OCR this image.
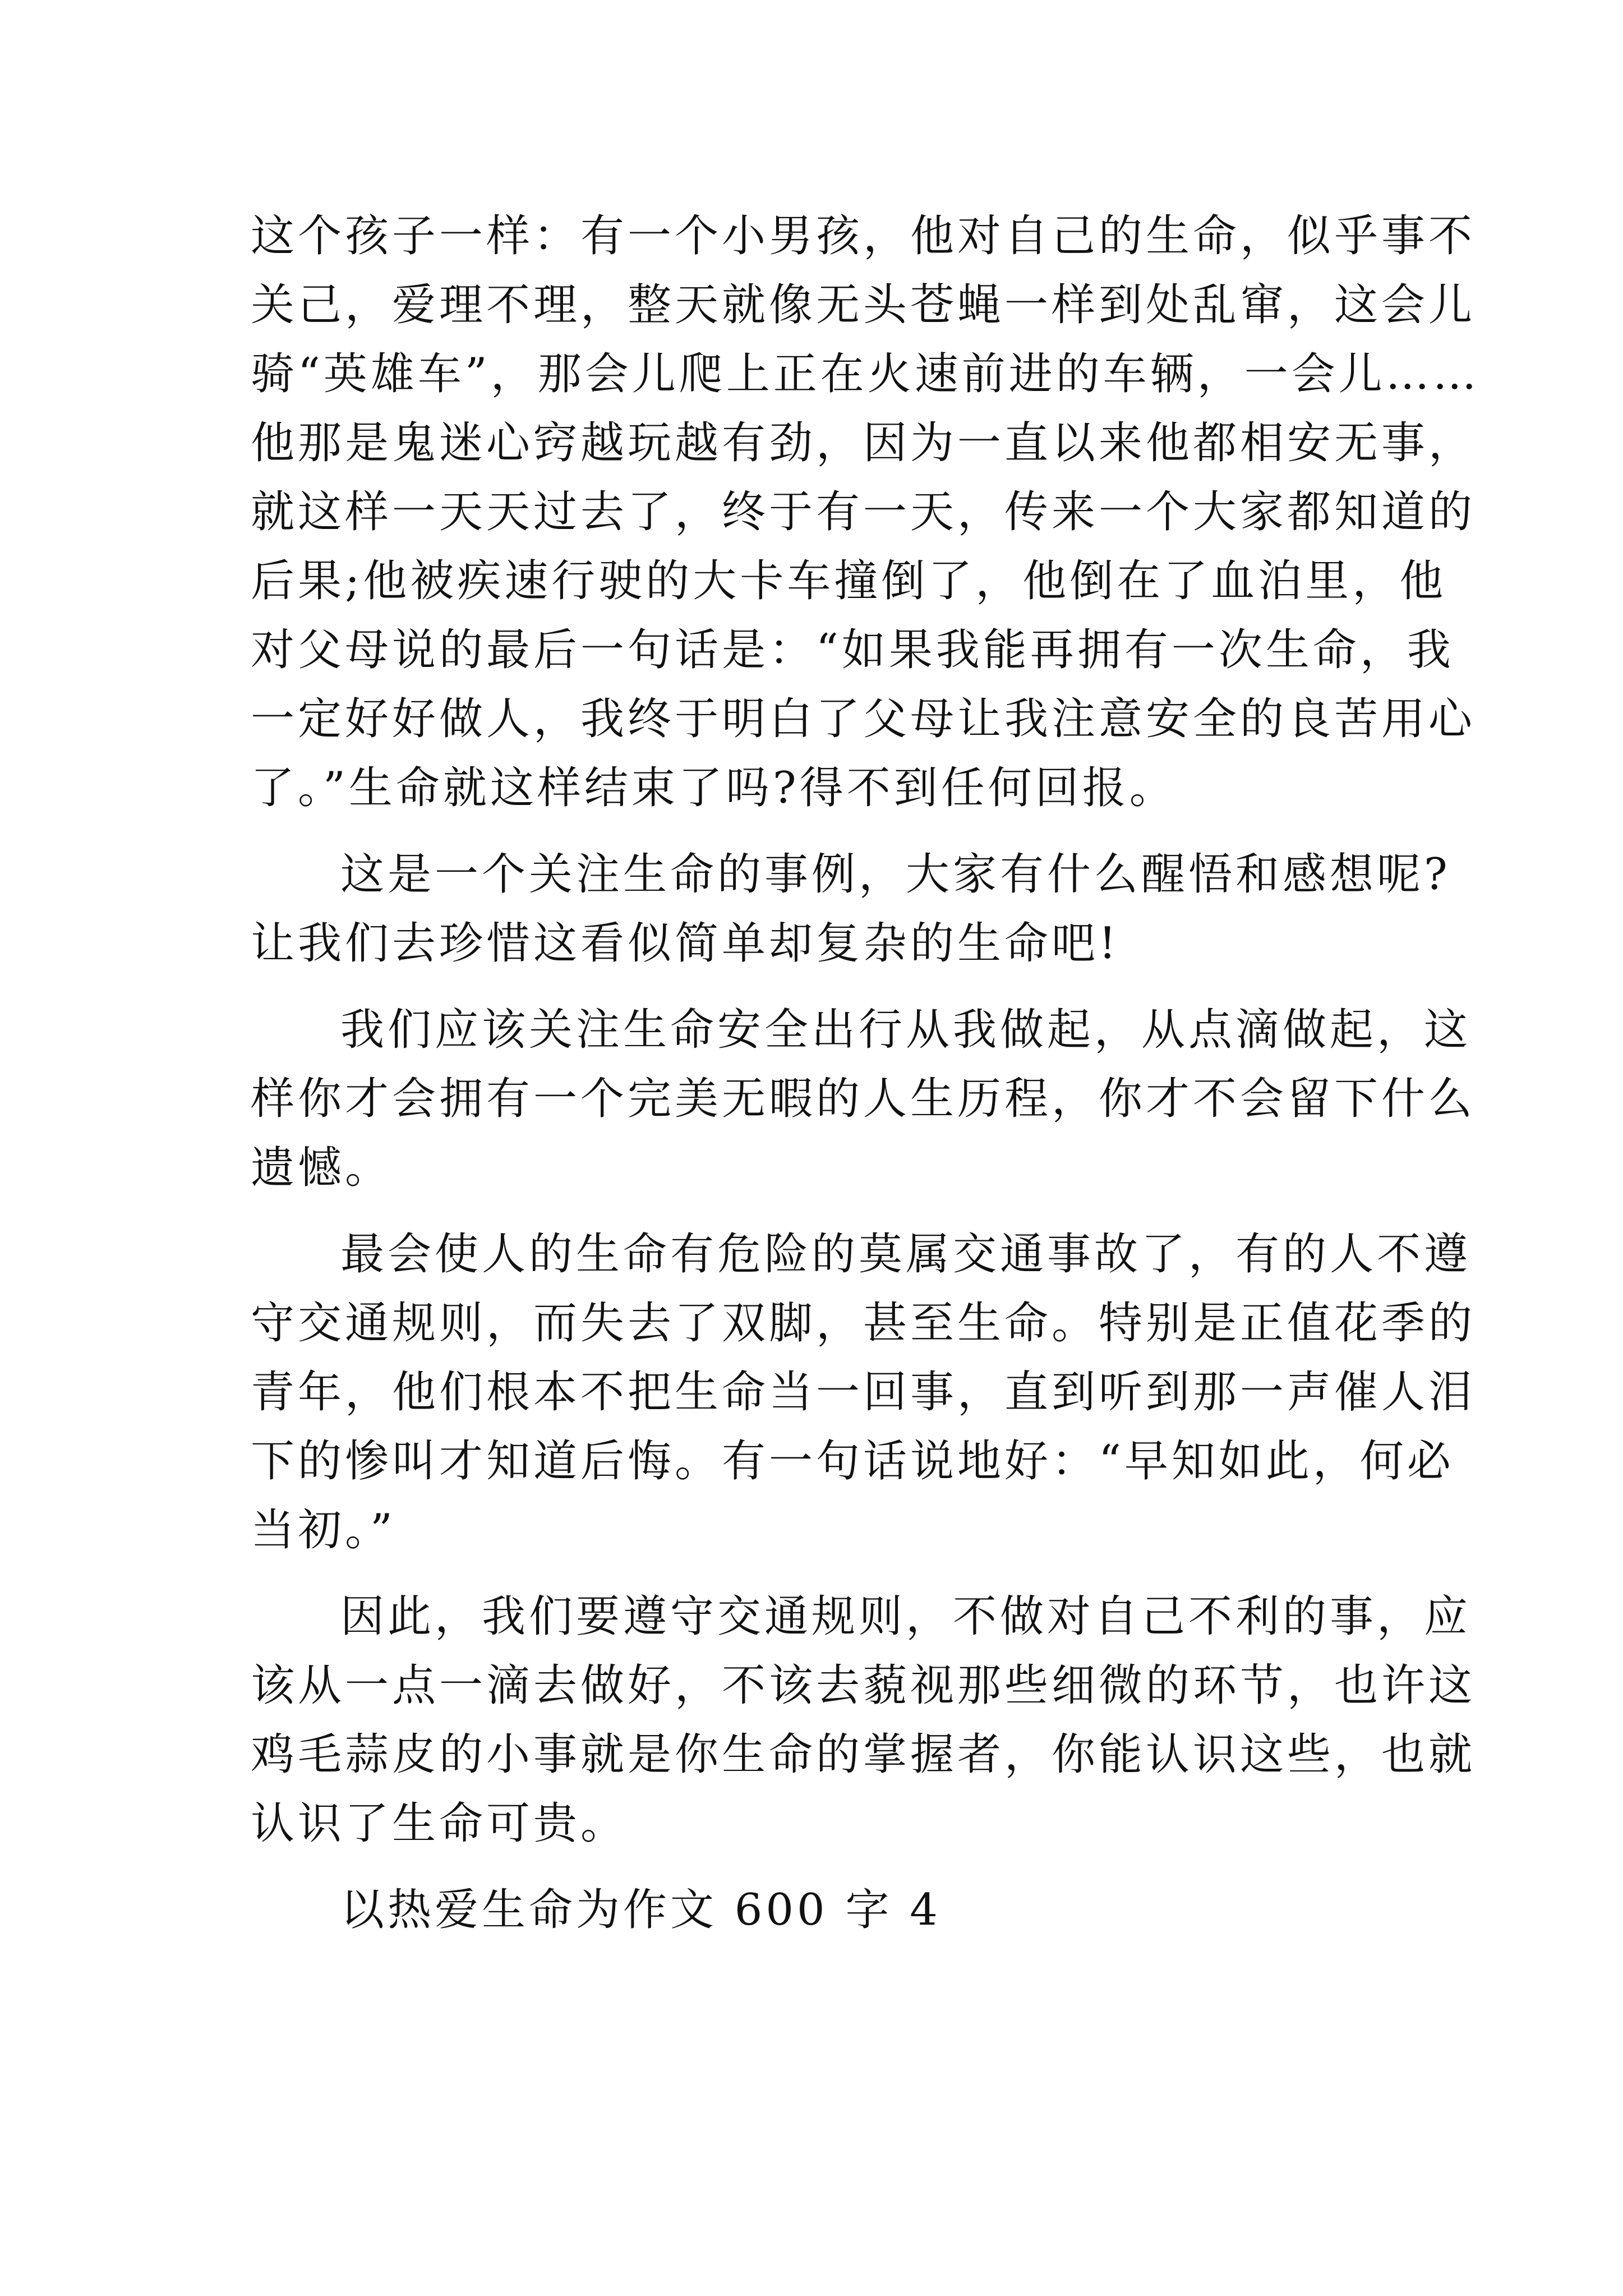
这个孩子一样：有一个小男孩，他对自己的生命，似乎事不
关己，爱理不理，整天就像无头苍蝇一样到处乱窜，这会儿
骑“英雄车”，那会儿爬上正在火速前进的车辆，一会儿……
他那是鬼迷心窍越玩越有劲，因为一直以来他都相安无事，
就这样一天天过去了，终于有一天，传来一个大家都知道的
后果;他被疾速行驶的大卡车撞倒了，他倒在了血泊里，他
对父母说的最后一句话是：“如果我能再拥有一次生命，我
一定好好做人，我终于明白了父母让我注意安全的良苦用心
了。”生命就这样结束了吗?得不到任何回报。
这是一个关注生命的事例，大家有什么醒悟和感想呢?
让我们去珍惜这看似简单却复杂的生命吧!
我们应该关注生命安全出行从我做起，从点滴做起，这
样你才会拥有一个完美无暇的人生历程，你才不会留下什么
遗憾。
最会使人的生命有危险的莫属交通事故了，有的人不遵
守交通规则，而失去了双脚，甚至生命。特别是正值花季的
青年，他们根本不把生命当一回事，直到听到那一声催人泪
下的惨叫才知道后悔。有一句话说地好：“早知如此，何必
当初。”
因此，我们要遵守交通规则，不做对自己不利的事，应
该从一点一滴去做好，不该去藐视那些细微的环节，也许这
鸡毛蒜皮的小事就是你生命的掌握者，你能认识这些，也就
认识了生命可贵。
以热爱生命为作文 600 字 4
